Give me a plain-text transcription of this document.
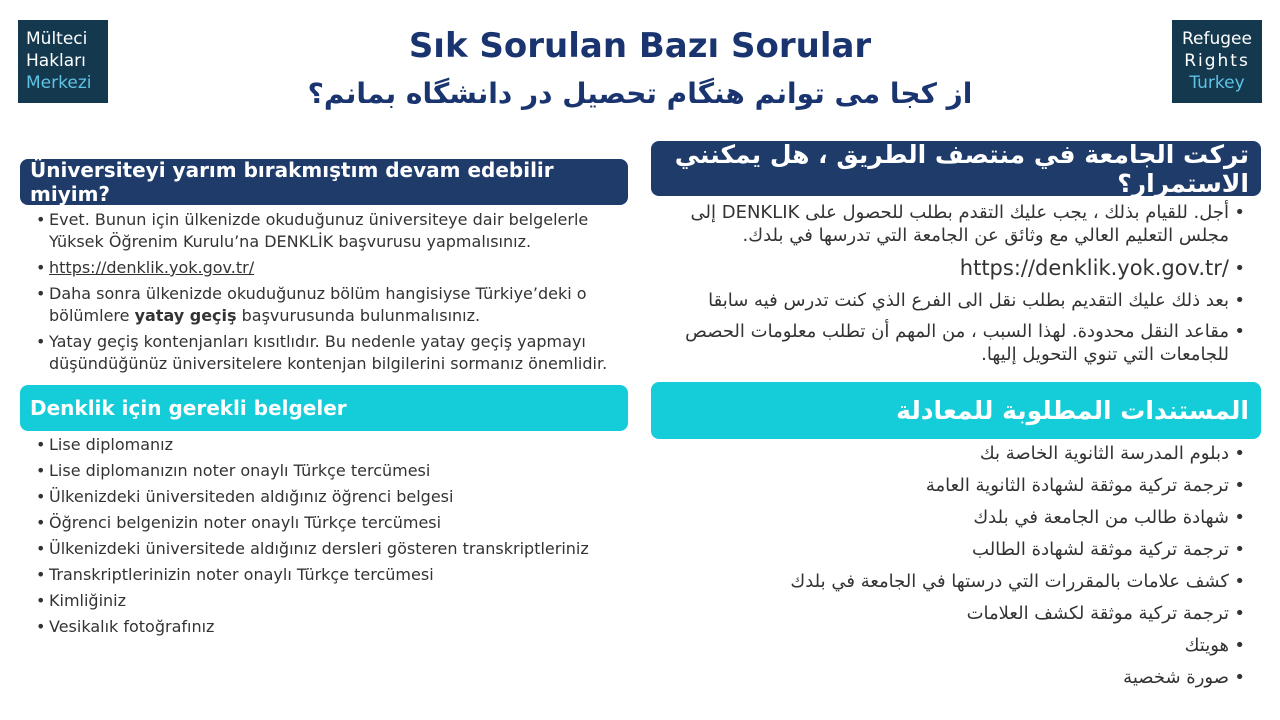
Mülteci
Hakları
Merkezi
Refugee
Rights
Turkey
Sık Sorulan Bazı Sorular
از کجا می توانم هنگام تحصیل در دانشگاه بمانم؟
Üniversiteyi yarım bırakmıştım devam edebilir miyim?
• Evet. Bunun için ülkenizde okuduğunuz üniversiteye dair belgelerle Yüksek Öğrenim Kurulu’na DENKLİK başvurusu yapmalısınız.
• https://denklik.yok.gov.tr/
• Daha sonra ülkenizde okuduğunuz bölüm hangisiyse Türkiye’deki o bölümlere yatay geçiş başvurusunda bulunmalısınız.
• Yatay geçiş kontenjanları kısıtlıdır. Bu nedenle yatay geçiş yapmayı düşündüğünüz üniversitelere kontenjan bilgilerini sormanız önemlidir.
Denklik için gerekli belgeler
• Lise diplomanız
• Lise diplomanızın noter onaylı Türkçe tercümesi
• Ülkenizdeki üniversiteden aldığınız öğrenci belgesi
• Öğrenci belgenizin noter onaylı Türkçe tercümesi
• Ülkenizdeki üniversitede aldığınız dersleri gösteren transkriptleriniz
• Transkriptlerinizin noter onaylı Türkçe tercümesi
• Kimliğiniz
• Vesikalık fotoğrafınız
تركت الجامعة في منتصف الطريق ، هل يمكنني الاستمرار؟
• أجل. للقيام بذلك ، يجب عليك التقدم بطلب للحصول على DENKLIK إلى مجلس التعليم العالي مع وثائق عن الجامعة التي تدرسها في بلدك.
• https://denklik.yok.gov.tr/
• بعد ذلك عليك التقديم بطلب نقل الى الفرع الذي كنت تدرس فيه سابقا
• مقاعد النقل محدودة. لهذا السبب ، من المهم أن تطلب معلومات الحصص للجامعات التي تنوي التحويل إليها.
المستندات المطلوبة للمعادلة
• دبلوم المدرسة الثانوية الخاصة بك
• ترجمة تركية موثقة لشهادة الثانوية العامة
• شهادة طالب من الجامعة في بلدك
• ترجمة تركية موثقة لشهادة الطالب
• كشف علامات بالمقررات التي درستها في الجامعة في بلدك
• ترجمة تركية موثقة لكشف العلامات
• هويتك
• صورة شخصية
